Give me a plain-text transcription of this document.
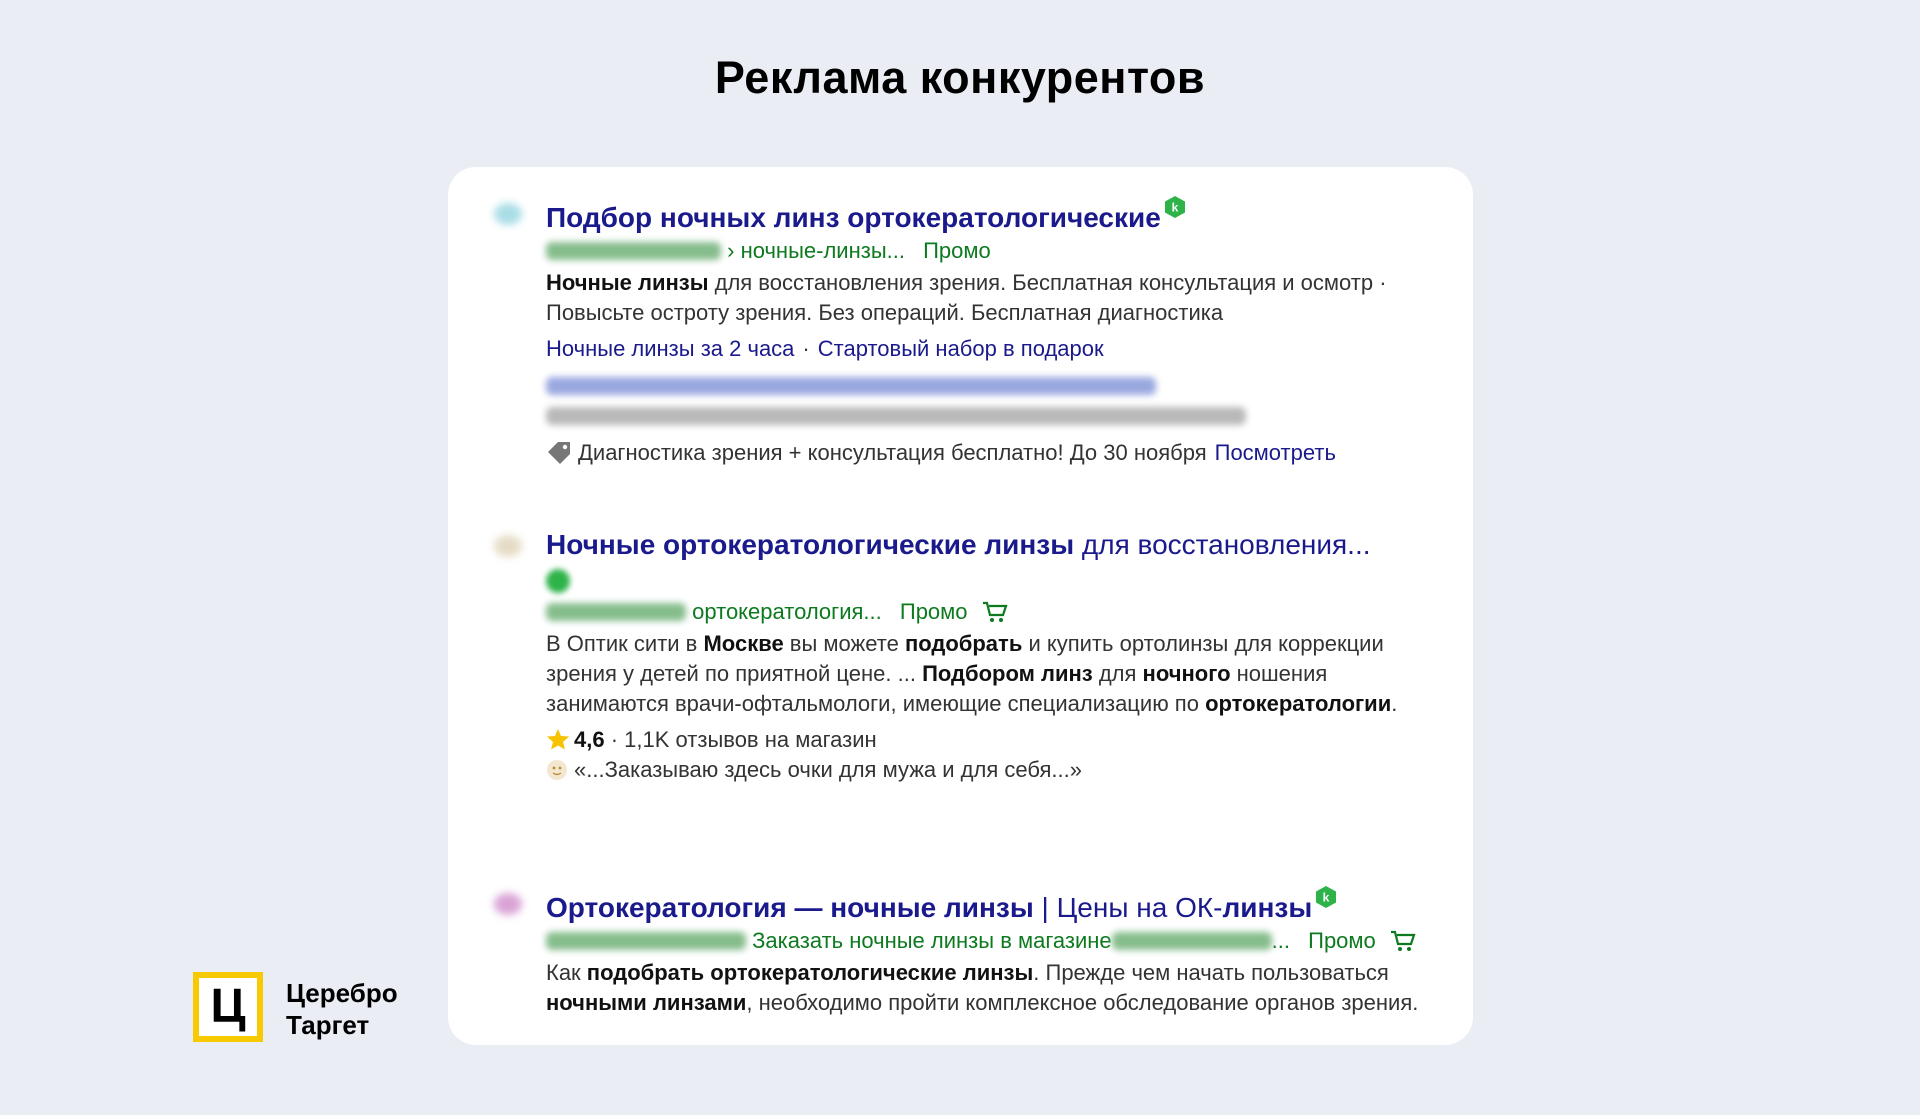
Реклама конкурентов
Подбор ночных линз ортокератологические k
› ночные-линзы... Промо
Ночные линзы для восстановления зрения. Бесплатная консультация и осмотр · Повысьте остроту зрения. Без операций. Бесплатная диагностика
Ночные линзы за 2 часа · Стартовый набор в подарок
Диагностика зрения + консультация бесплатно! До 30 ноября Посмотреть
Ночные ортокератологические линзы для восстановления...
ортокератология... Промо
В Оптик сити в Москве вы можете подобрать и купить ортолинзы для коррекции зрения у детей по приятной цене. ... Подбором линз для ночного ношения занимаются врачи-офтальмологи, имеющие специализацию по ортокератологии.
4,6 · 1,1K отзывов на магазин
«...Заказываю здесь очки для мужа и для себя...»
Ортокератология — ночные линзы | Цены на ОК-линзы k
Заказать ночные линзы в магазине	... Промо
Как подобрать ортокератологические линзы. Прежде чем начать пользоваться ночными линзами, необходимо пройти комплексное обследование органов зрения.
Ц Церебро
Таргет
